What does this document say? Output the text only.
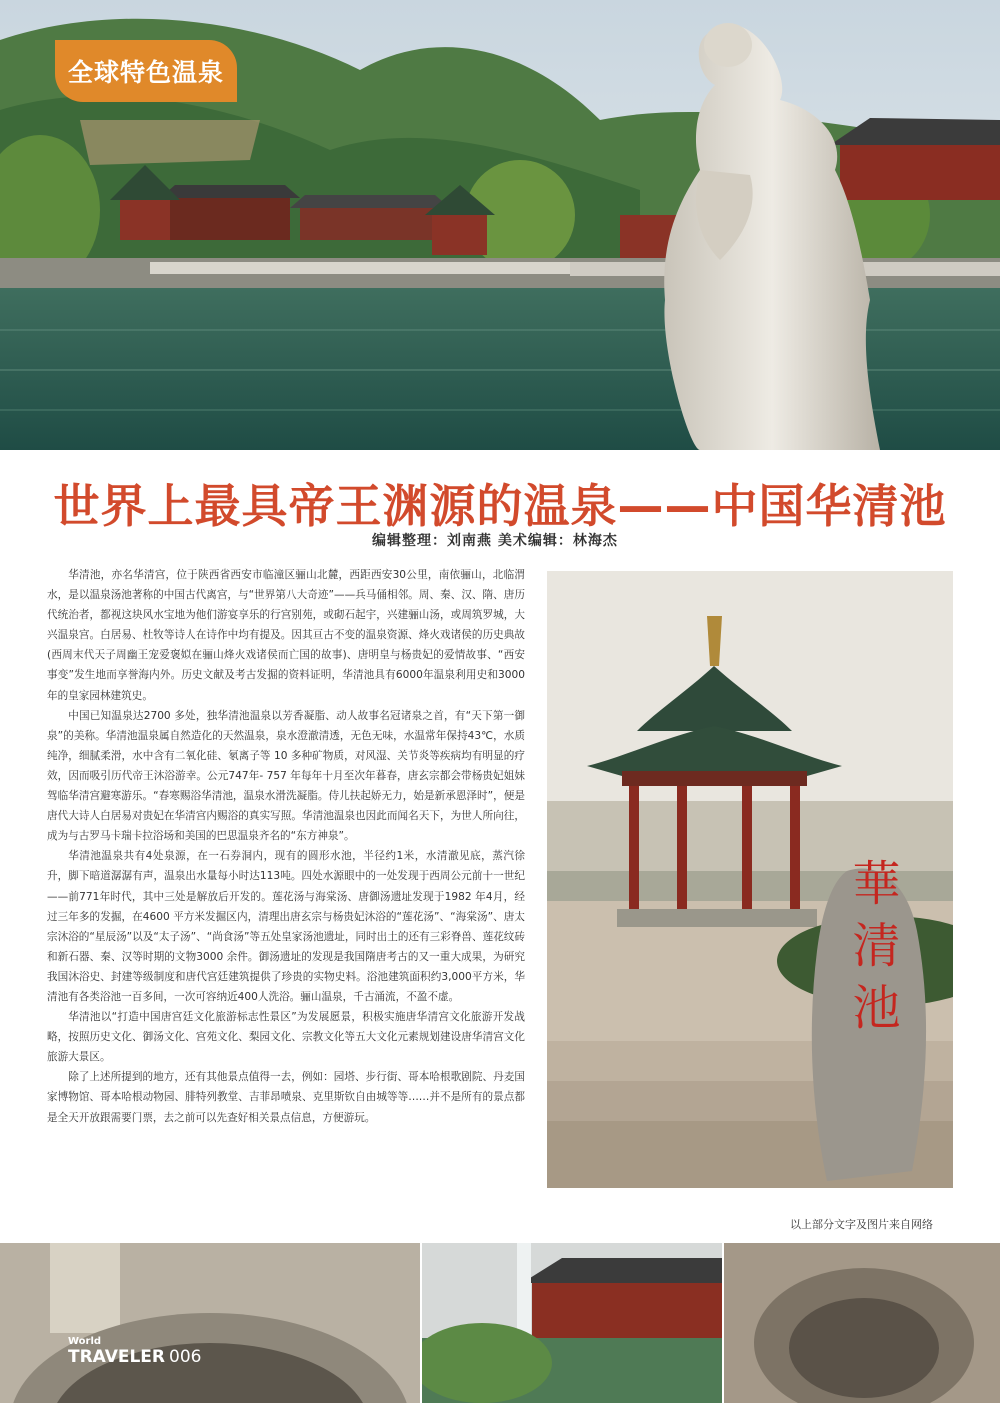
全球特色温泉
世界上最具帝王渊源的温泉——中国华清池
编辑整理：刘南燕 美术编辑：林海杰

华清池，亦名华清宫，位于陕西省西安市临潼区骊山北麓，西距西安30公里，南依骊山，北临渭水，是以温泉汤池著称的中国古代离宫，与“世界第八大奇迹”——兵马俑相邻。周、秦、汉、隋、唐历代统治者，都视这块风水宝地为他们游宴享乐的行宫别苑，或砌石起宇，兴建骊山汤，或周筑罗城，大兴温泉宫。白居易、杜牧等诗人在诗作中均有提及。因其亘古不变的温泉资源、烽火戏诸侯的历史典故(西周末代天子周幽王宠爱褒姒在骊山烽火戏诸侯而亡国的故事)、唐明皇与杨贵妃的爱情故事、“西安事变”发生地而享誉海内外。历史文献及考古发掘的资料证明，华清池具有6000年温泉利用史和3000年的皇家园林建筑史。

中国已知温泉达2700 多处，独华清池温泉以芳香凝脂、动人故事名冠诸泉之首，有“天下第一御泉”的美称。华清池温泉属自然造化的天然温泉，泉水澄澈清透，无色无味，水温常年保持43℃，水质纯净，细腻柔滑，水中含有二氧化硅、氡离子等 10 多种矿物质，对风湿、关节炎等疾病均有明显的疗效，因而吸引历代帝王沐浴游幸。公元747年- 757 年每年十月至次年暮春，唐玄宗都会带杨贵妃姐妹驾临华清宫避寒游乐。“春寒赐浴华清池，温泉水滑洗凝脂。侍儿扶起娇无力，始是新承恩泽时”，便是唐代大诗人白居易对贵妃在华清宫内赐浴的真实写照。华清池温泉也因此而闻名天下，为世人所向往，成为与古罗马卡瑞卡拉浴场和美国的巴思温泉齐名的“东方神泉”。

华清池温泉共有4处泉源，在一石券洞内，现有的圆形水池，半径约1米，水清澈见底，蒸汽徐升，脚下暗道潺潺有声，温泉出水量每小时达113吨。四处水源眼中的一处发现于西周公元前十一世纪——前771年时代，其中三处是解放后开发的。莲花汤与海棠汤、唐御汤遗址发现于1982 年4月，经过三年多的发掘，在4600 平方米发掘区内，清理出唐玄宗与杨贵妃沐浴的“莲花汤”、“海棠汤”、唐太宗沐浴的“星辰汤”以及“太子汤”、“尚食汤”等五处皇家汤池遗址，同时出土的还有三彩脊兽、莲花纹砖和新石器、秦、汉等时期的文物3000 余件。御汤遗址的发现是我国隋唐考古的又一重大成果，为研究我国沐浴史、封建等级制度和唐代宫廷建筑提供了珍贵的实物史料。浴池建筑面积约3,000平方米，华清池有各类浴池一百多间，一次可容纳近400人洗浴。骊山温泉，千古涌流，不盈不虚。

华清池以“打造中国唐宫廷文化旅游标志性景区”为发展愿景，积极实施唐华清宫文化旅游开发战略，按照历史文化、御汤文化、宫苑文化、梨园文化、宗教文化等五大文化元素规划建设唐华清宫文化旅游大景区。

除了上述所提到的地方，还有其他景点值得一去，例如：园塔、步行街、哥本哈根歌剧院、丹麦国家博物馆、哥本哈根动物园、腓特列教堂、吉菲昂喷泉、克里斯钦自由城等等……并不是所有的景点都是全天开放跟需要门票，去之前可以先查好相关景点信息，方便游玩。

華清池
以上部分文字及图片来自网络
World
TRAVELER 006
